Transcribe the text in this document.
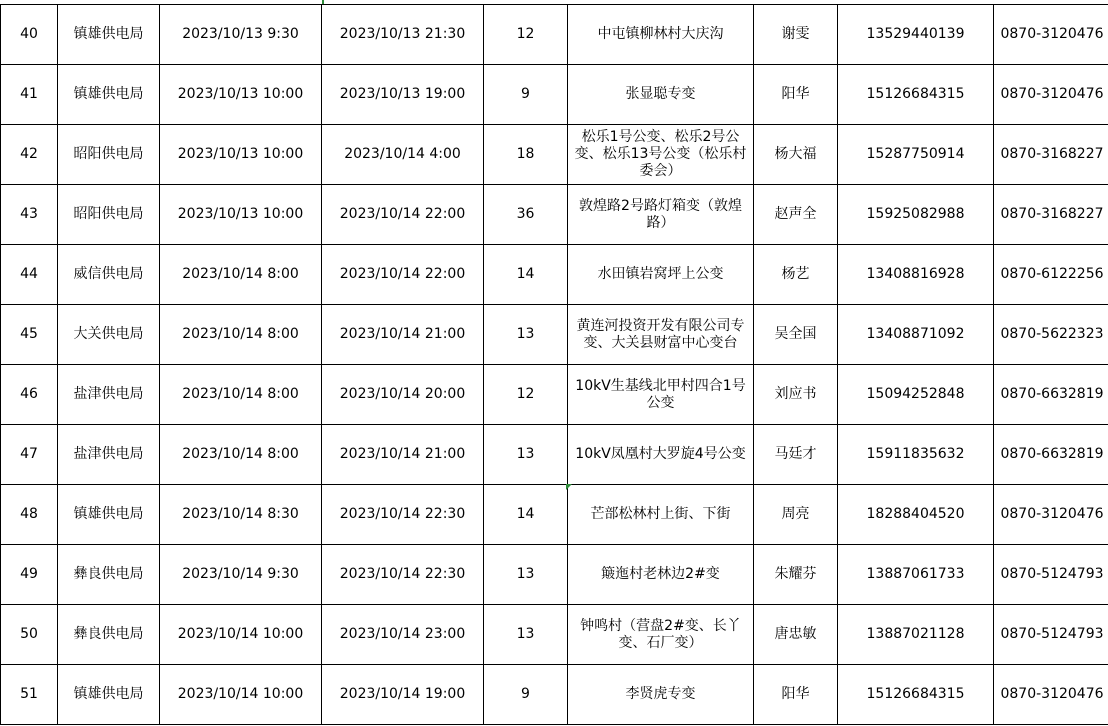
40	镇雄供电局	2023/10/13 9:30	2023/10/13 21:30	12	中屯镇柳林村大庆沟	谢雯	13529440139	0870-3120476
41	镇雄供电局	2023/10/13 10:00	2023/10/13 19:00	9	张显聪专变	阳华	15126684315	0870-3120476
42	昭阳供电局	2023/10/13 10:00	2023/10/14 4:00	18	松乐1号公变、松乐2号公变、松乐13号公变（松乐村委会）	杨大福	15287750914	0870-3168227
43	昭阳供电局	2023/10/13 10:00	2023/10/14 22:00	36	敦煌路2号路灯箱变（敦煌路）	赵声全	15925082988	0870-3168227
44	威信供电局	2023/10/14 8:00	2023/10/14 22:00	14	水田镇岩窝坪上公变	杨艺	13408816928	0870-6122256
45	大关供电局	2023/10/14 8:00	2023/10/14 21:00	13	黄连河投资开发有限公司专变、大关县财富中心变台	吴全国	13408871092	0870-5622323
46	盐津供电局	2023/10/14 8:00	2023/10/14 20:00	12	10kV生基线北甲村四合1号公变	刘应书	15094252848	0870-6632819
47	盐津供电局	2023/10/14 8:00	2023/10/14 21:00	13	10kV凤凰村大罗旋4号公变	马廷才	15911835632	0870-6632819
48	镇雄供电局	2023/10/14 8:30	2023/10/14 22:30	14	芒部松林村上街、下街	周亮	18288404520	0870-3120476
49	彝良供电局	2023/10/14 9:30	2023/10/14 22:30	13	簸迤村老林边2#变	朱耀芬	13887061733	0870-5124793
50	彝良供电局	2023/10/14 10:00	2023/10/14 23:00	13	钟鸣村（营盘2#变、长丫变、石厂变）	唐忠敏	13887021128	0870-5124793
51	镇雄供电局	2023/10/14 10:00	2023/10/14 19:00	9	李贤虎专变	阳华	15126684315	0870-3120476
